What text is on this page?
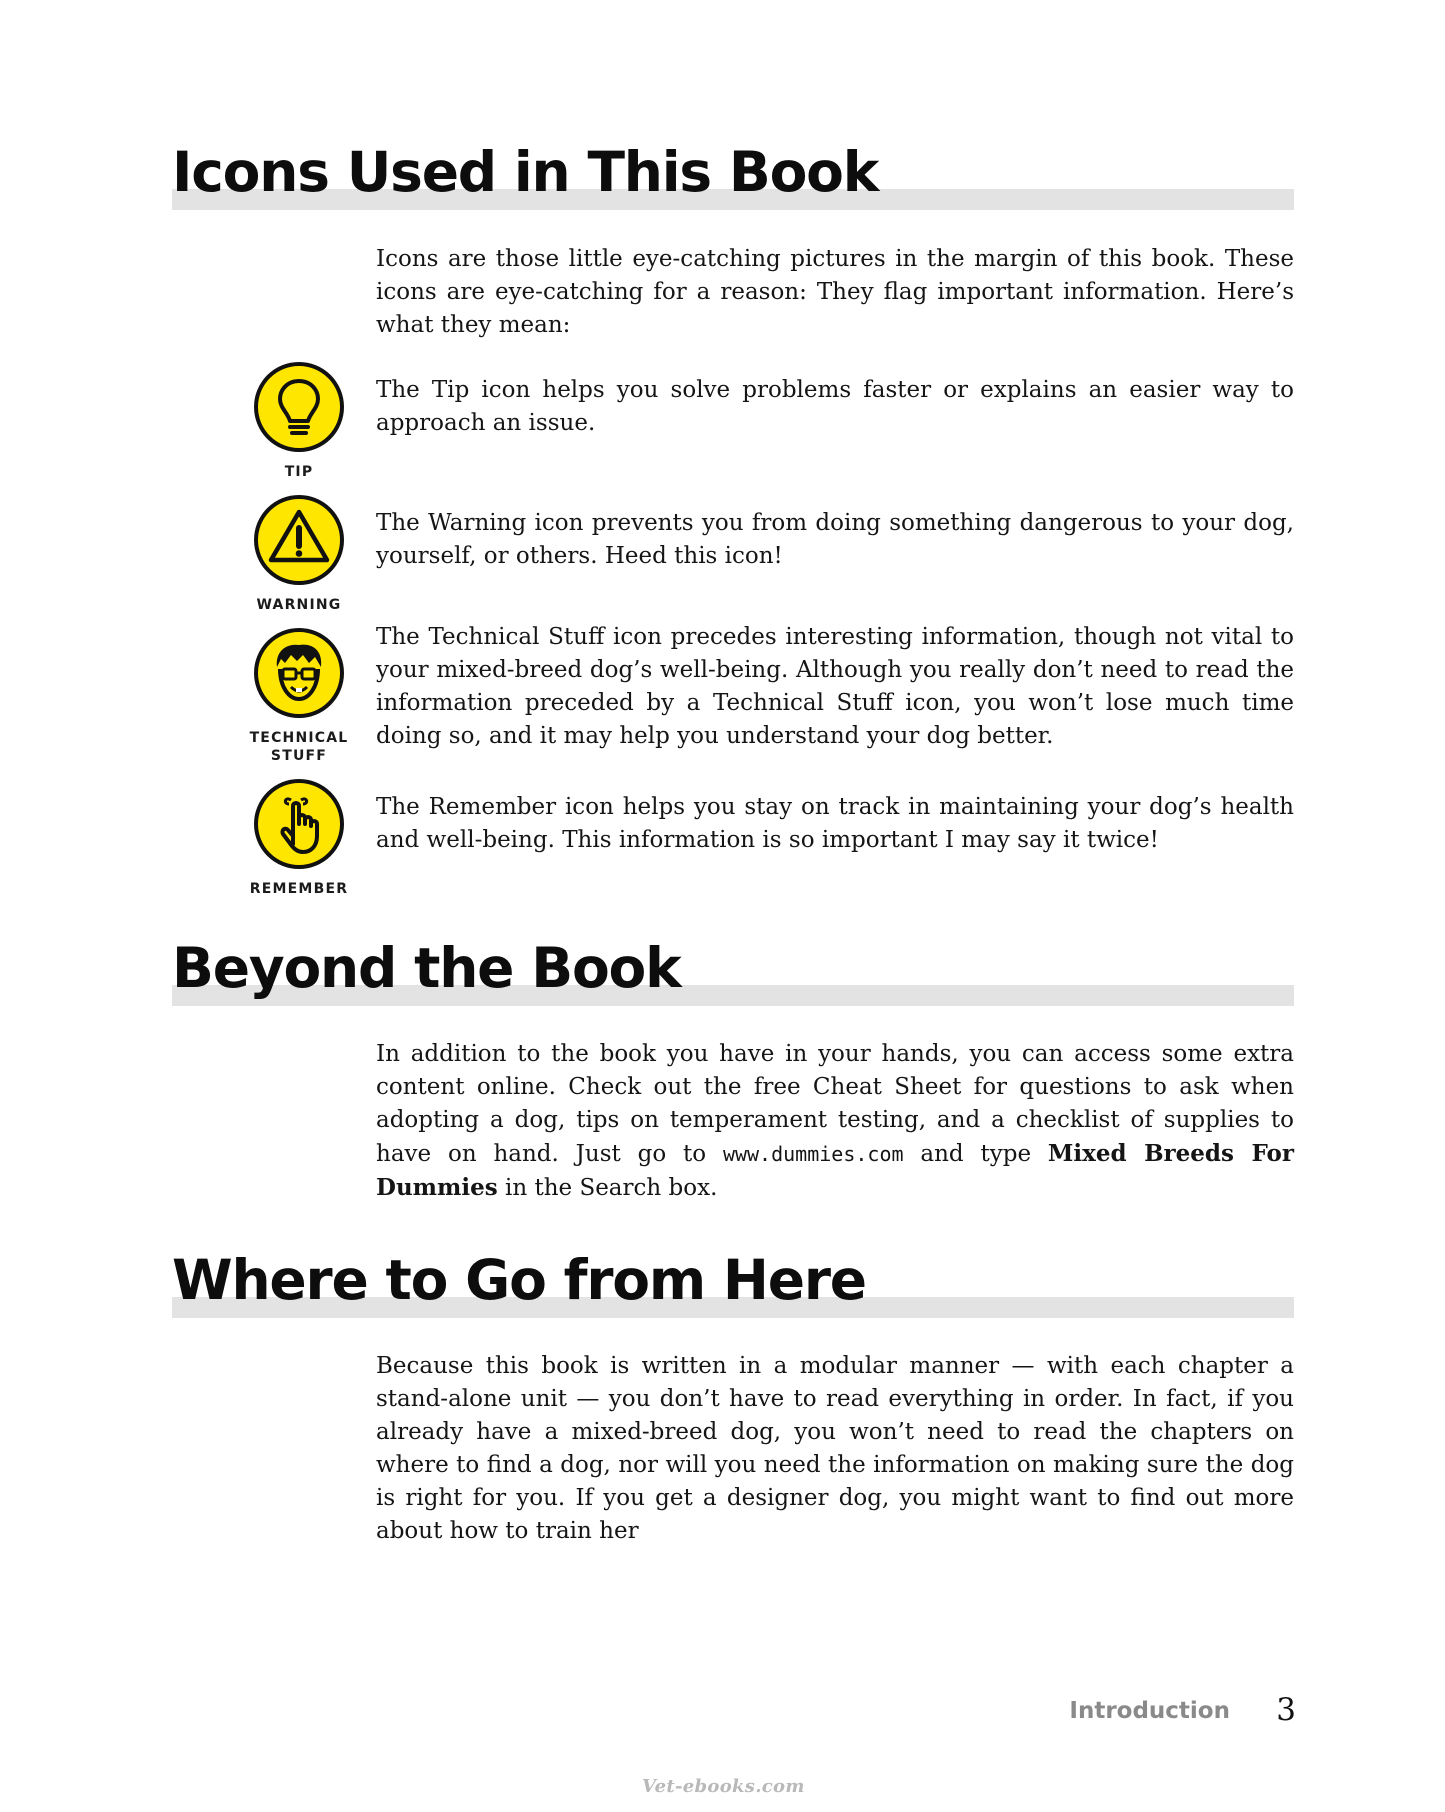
Icons Used in This Book

Icons are those little eye-catching pictures in the margin of this book. These icons are eye-catching for a reason: They flag important information. Here’s what they mean:

TIP

The Tip icon helps you solve problems faster or explains an easier way to approach an issue.

WARNING

The Warning icon prevents you from doing something dangerous to your dog, yourself, or others. Heed this icon!

TECHNICAL
STUFF

The Technical Stuff icon precedes interesting information, though not vital to your mixed-breed dog’s well-being. Although you really don’t need to read the information preceded by a Technical Stuff icon, you won’t lose much time doing so, and it may help you understand your dog better.

REMEMBER

The Remember icon helps you stay on track in maintaining your dog’s health and well-being. This information is so important I may say it twice!

Beyond the Book

In addition to the book you have in your hands, you can access some extra content online. Check out the free Cheat Sheet for questions to ask when adopting a dog, tips on temperament testing, and a checklist of supplies to have on hand. Just go to www.dummies.com and type Mixed Breeds For Dummies in the Search box.

Where to Go from Here

Because this book is written in a modular manner — with each chapter a stand-alone unit — you don’t have to read everything in order. In fact, if you already have a mixed-breed dog, you won’t need to read the chapters on where to find a dog, nor will you need the information on making sure the dog is right for you. If you get a designer dog, you might want to find out more about how to train her

Introduction	3
Vet-ebooks.com
